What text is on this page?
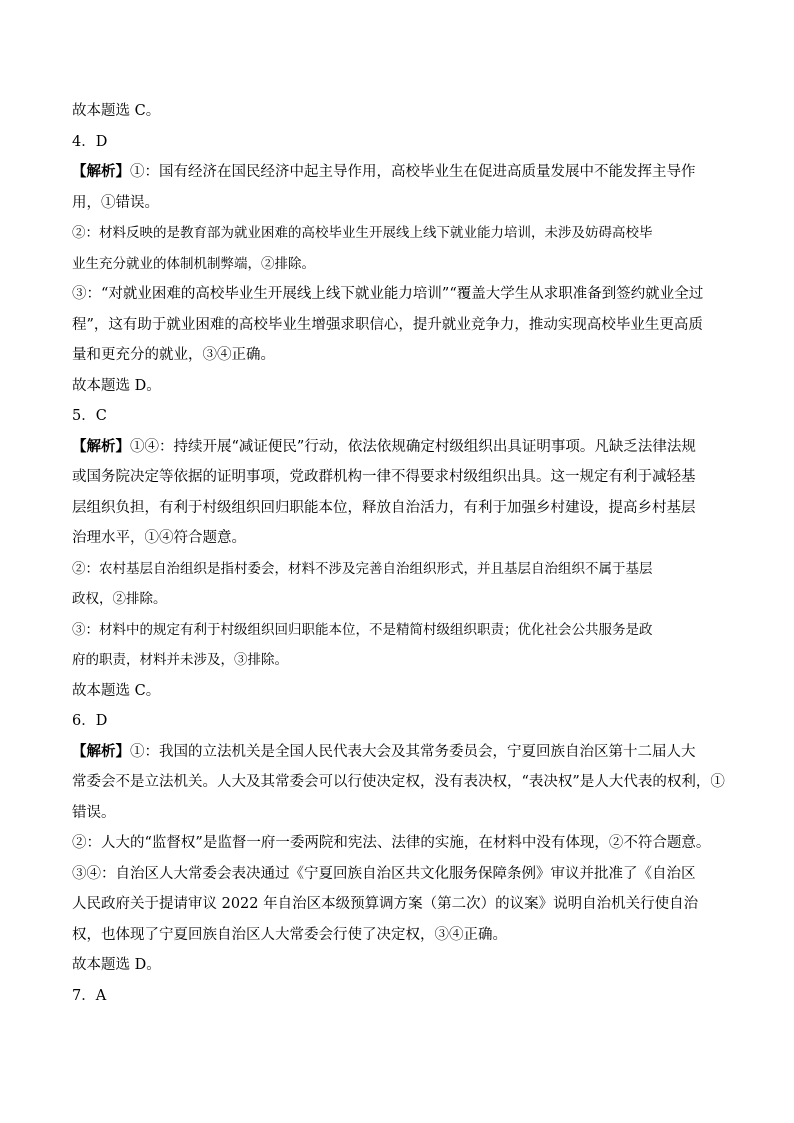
故本题选 C。

4．D

【解析】①：国有经济在国民经济中起主导作用，高校毕业生在促进高质量发展中不能发挥主导作

用，①错误。

②：材料反映的是教育部为就业困难的高校毕业生开展线上线下就业能力培训，未涉及妨碍高校毕

业生充分就业的体制机制弊端，②排除。

③：“对就业困难的高校毕业生开展线上线下就业能力培训”“覆盖大学生从求职准备到签约就业全过

程”，这有助于就业困难的高校毕业生增强求职信心，提升就业竞争力，推动实现高校毕业生更高质

量和更充分的就业，③④正确。

故本题选 D。

5．C

【解析】①④：持续开展“减证便民”行动，依法依规确定村级组织出具证明事项。凡缺乏法律法规

或国务院决定等依据的证明事项，党政群机构一律不得要求村级组织出具。这一规定有利于减轻基

层组织负担，有利于村级组织回归职能本位，释放自治活力，有利于加强乡村建设，提高乡村基层

治理水平，①④符合题意。

②：农村基层自治组织是指村委会，材料不涉及完善自治组织形式，并且基层自治组织不属于基层

政权，②排除。

③：材料中的规定有利于村级组织回归职能本位，不是精简村级组织职责；优化社会公共服务是政

府的职责，材料并未涉及，③排除。

故本题选 C。

6．D

【解析】①：我国的立法机关是全国人民代表大会及其常务委员会，宁夏回族自治区第十二届人大

常委会不是立法机关。人大及其常委会可以行使决定权，没有表决权，“表决权”是人大代表的权利，①

错误。

②：人大的“监督权”是监督一府一委两院和宪法、法律的实施，在材料中没有体现，②不符合题意。

③④：自治区人大常委会表决通过《宁夏回族自治区共文化服务保障条例》审议并批准了《自治区

人民政府关于提请审议 2022 年自治区本级预算调方案（第二次）的议案》说明自治机关行使自治

权，也体现了宁夏回族自治区人大常委会行使了决定权，③④正确。

故本题选 D。

7．A
